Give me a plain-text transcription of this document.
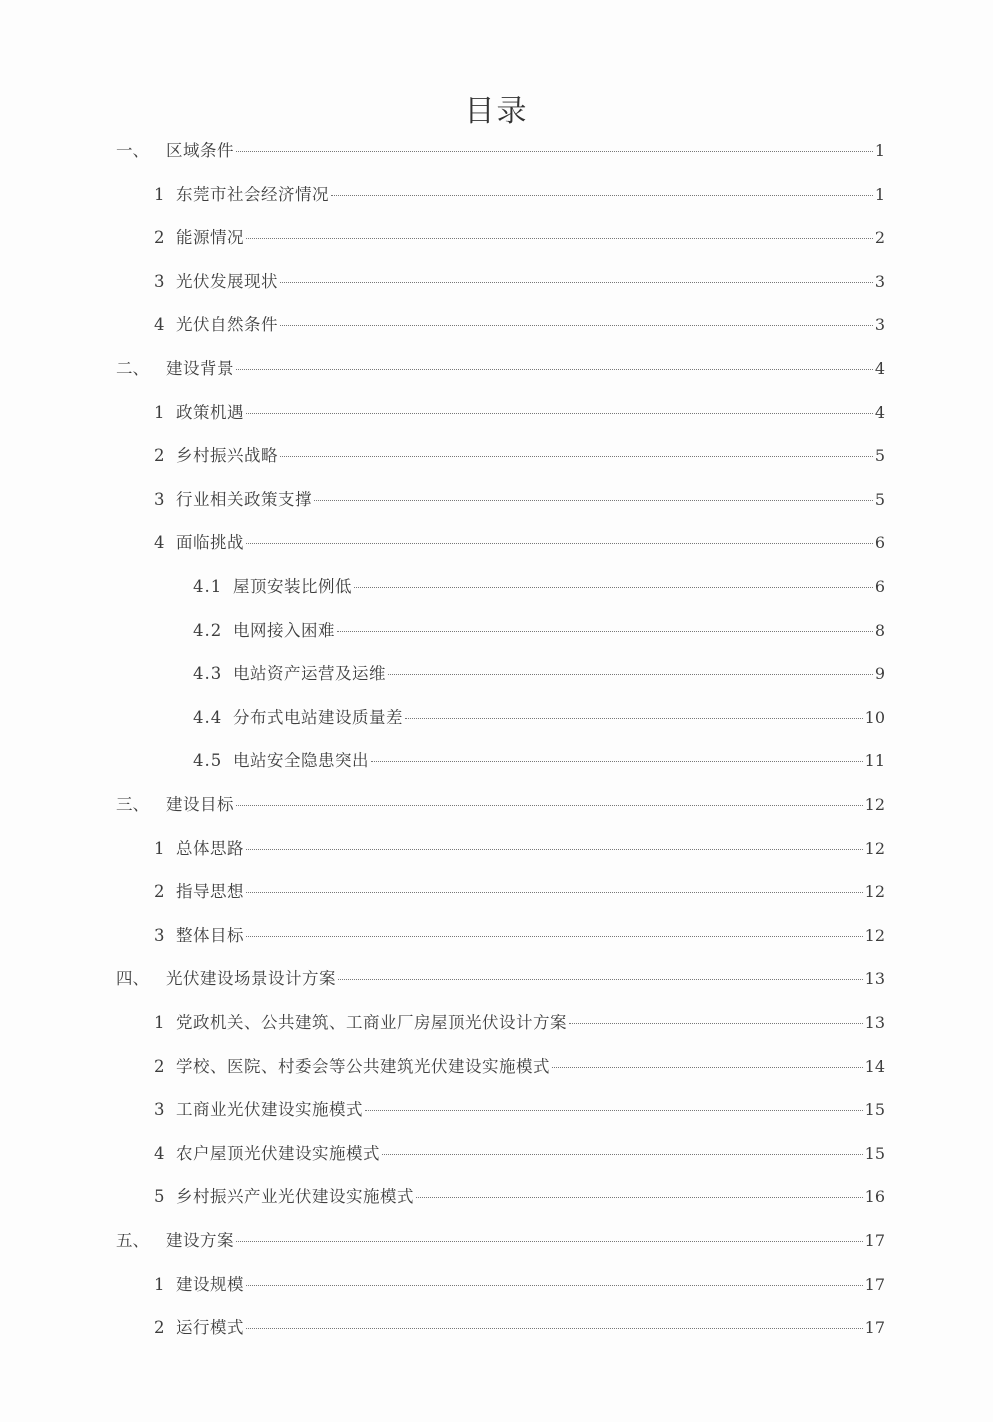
目录
一、	区域条件	1
1 东莞市社会经济情况	1
2 能源情况	2
3 光伏发展现状	3
4 光伏自然条件	3
二、	建设背景	4
1 政策机遇	4
2 乡村振兴战略	5
3 行业相关政策支撑	5
4 面临挑战	6
4.1 屋顶安装比例低	6
4.2 电网接入困难	8
4.3 电站资产运营及运维	9
4.4 分布式电站建设质量差	10
4.5 电站安全隐患突出	11
三、	建设目标	12
1 总体思路	12
2 指导思想	12
3 整体目标	12
四、	光伏建设场景设计方案	13
1 党政机关、公共建筑、工商业厂房屋顶光伏设计方案	13
2 学校、医院、村委会等公共建筑光伏建设实施模式	14
3 工商业光伏建设实施模式	15
4 农户屋顶光伏建设实施模式	15
5 乡村振兴产业光伏建设实施模式	16
五、	建设方案	17
1 建设规模	17
2 运行模式	17
